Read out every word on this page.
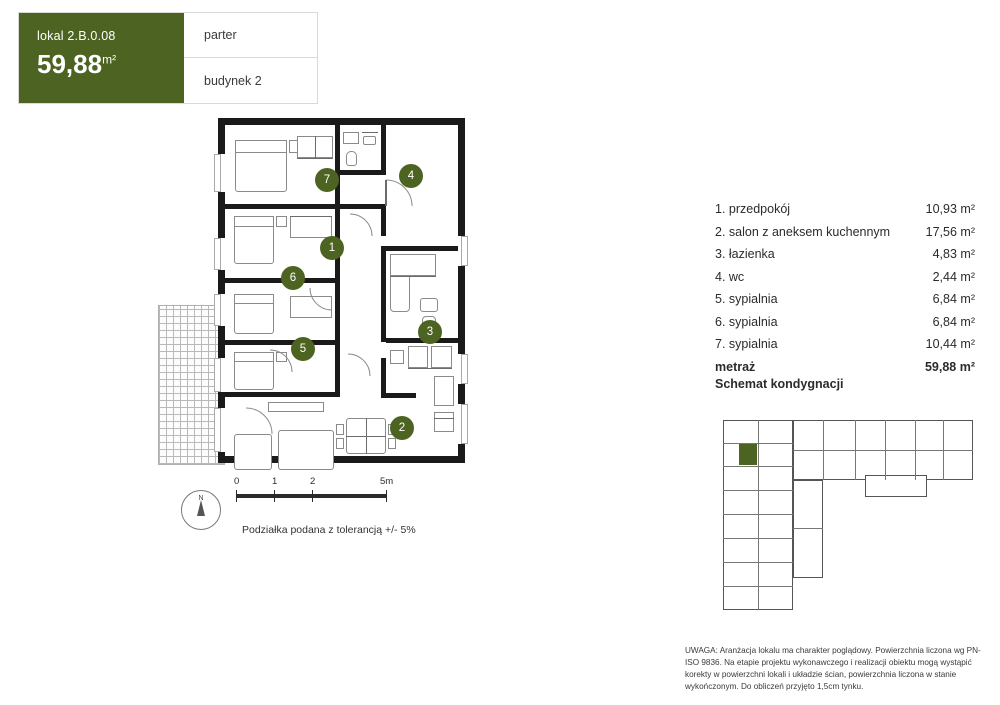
lokal 2.B.0.08
$59,88^{m^2}$
parter
budynek 2
1
2
3
4
5
6
7
N
0	1	2	5m
Podziałka podana z tolerancją +/- 5%
1. przedpokój	10,93 m²
2. salon z aneksem kuchennym	17,56 m²
3. łazienka	4,83 m²
4. wc	2,44 m²
5. sypialnia	6,84 m²
6. sypialnia	6,84 m²
7. sypialnia	10,44 m²
metraż	59,88 m²
Schemat kondygnacji
UWAGA: Aranżacja lokalu ma charakter poglądowy. Powierzchnia liczona wg PN-ISO 9836. Na etapie projektu wykonawczego i realizacji obiektu mogą wystąpić korekty w powierzchni lokali i układzie ścian, powierzchnia liczona w stanie wykończonym. Do obliczeń przyjęto 1,5cm tynku.
